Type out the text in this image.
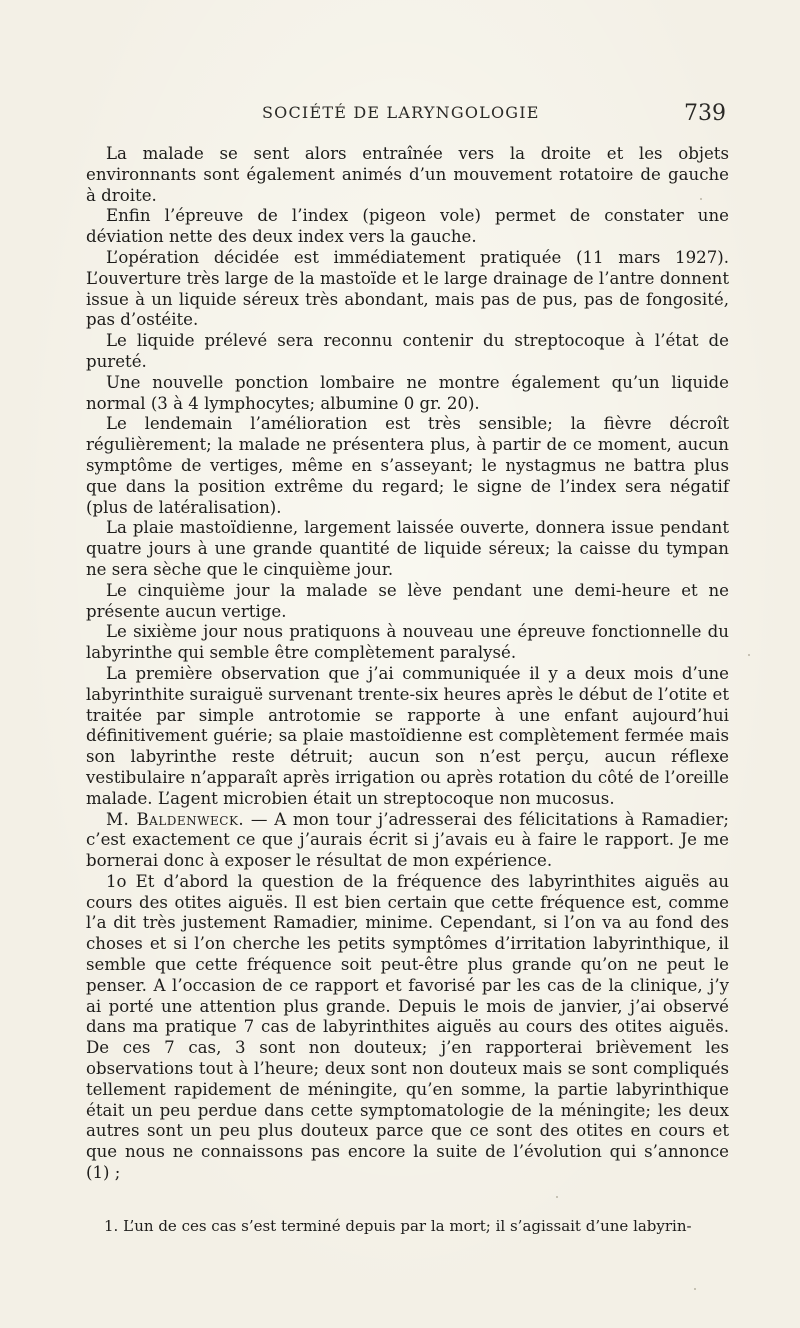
SOCIÉTÉ DE LARYNGOLOGIE	739

La malade se sent alors entraînée vers la droite et les objets environnants sont également animés d’un mouvement rotatoire de gauche à droite.

Enfin l’épreuve de l’index (pigeon vole) permet de constater une déviation nette des deux index vers la gauche.

L’opération décidée est immédiatement pratiquée (11 mars 1927). L’ouverture très large de la mastoïde et le large drainage de l’antre donnent issue à un liquide séreux très abondant, mais pas de pus, pas de fongosité, pas d’ostéite.

Le liquide prélevé sera reconnu contenir du streptocoque à l’état de pureté.

Une nouvelle ponction lombaire ne montre également qu’un liquide normal (3 à 4 lymphocytes; albumine 0 gr. 20).

Le lendemain l’amélioration est très sensible; la fièvre décroît régulièrement; la malade ne présentera plus, à partir de ce moment, aucun symptôme de vertiges, même en s’asseyant; le nystagmus ne battra plus que dans la position extrême du regard; le signe de l’index sera négatif (plus de latéralisation).

La plaie mastoïdienne, largement laissée ouverte, donnera issue pendant quatre jours à une grande quantité de liquide séreux; la caisse du tympan ne sera sèche que le cinquième jour.

Le cinquième jour la malade se lève pendant une demi-heure et ne présente aucun vertige.

Le sixième jour nous pratiquons à nouveau une épreuve fonctionnelle du labyrinthe qui semble être complètement paralysé.

La première observation que j’ai communiquée il y a deux mois d’une labyrinthite suraiguë survenant trente-six heures après le début de l’otite et traitée par simple antrotomie se rapporte à une enfant aujourd’hui définitivement guérie; sa plaie mastoïdienne est complètement fermée mais son labyrinthe reste détruit; aucun son n’est perçu, aucun réflexe vestibulaire n’apparaît après irrigation ou après rotation du côté de l’oreille malade. L’agent microbien était un streptocoque non mucosus.

M. Baldenweck. — A mon tour j’adresserai des félicitations à Ramadier; c’est exactement ce que j’aurais écrit si j’avais eu à faire le rapport. Je me bornerai donc à exposer le résultat de mon expérience.

1o Et d’abord la question de la fréquence des labyrinthites aiguës au cours des otites aiguës. Il est bien certain que cette fréquence est, comme l’a dit très justement Ramadier, minime. Cependant, si l’on va au fond des choses et si l’on cherche les petits symptômes d’irritation labyrinthique, il semble que cette fréquence soit peut-être plus grande qu’on ne peut le penser. A l’occasion de ce rapport et favorisé par les cas de la clinique, j’y ai porté une attention plus grande. Depuis le mois de janvier, j’ai observé dans ma pratique 7 cas de labyrinthites aiguës au cours des otites aiguës. De ces 7 cas, 3 sont non douteux; j’en rapporterai brièvement les observations tout à l’heure; deux sont non douteux mais se sont compliqués tellement rapidement de méningite, qu’en somme, la partie labyrinthique était un peu perdue dans cette symptomatologie de la méningite; les deux autres sont un peu plus douteux parce que ce sont des otites en cours et que nous ne connaissons pas encore la suite de l’évolution qui s’annonce (1) ;

1. L’un de ces cas s’est terminé depuis par la mort; il s’agissait d’une labyrin-
